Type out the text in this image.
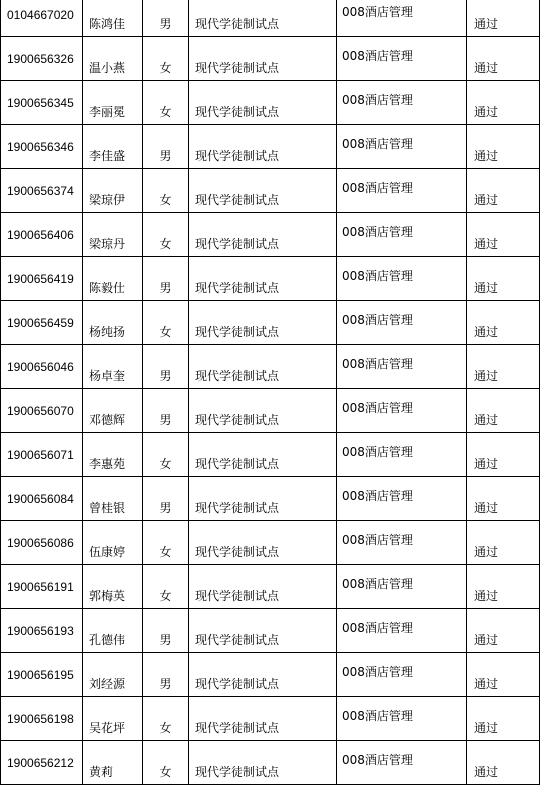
0104667020	陈鸿佳	男	现代学徒制试点	008酒店管理	通过
1900656326	温小燕	女	现代学徒制试点	008酒店管理	通过
1900656345	李丽冕	女	现代学徒制试点	008酒店管理	通过
1900656346	李佳盛	男	现代学徒制试点	008酒店管理	通过
1900656374	梁琼伊	女	现代学徒制试点	008酒店管理	通过
1900656406	梁琼丹	女	现代学徒制试点	008酒店管理	通过
1900656419	陈毅仕	男	现代学徒制试点	008酒店管理	通过
1900656459	杨纯扬	女	现代学徒制试点	008酒店管理	通过
1900656046	杨卓奎	男	现代学徒制试点	008酒店管理	通过
1900656070	邓德辉	男	现代学徒制试点	008酒店管理	通过
1900656071	李惠苑	女	现代学徒制试点	008酒店管理	通过
1900656084	曾桂银	男	现代学徒制试点	008酒店管理	通过
1900656086	伍康婷	女	现代学徒制试点	008酒店管理	通过
1900656191	郭梅英	女	现代学徒制试点	008酒店管理	通过
1900656193	孔德伟	男	现代学徒制试点	008酒店管理	通过
1900656195	刘经源	男	现代学徒制试点	008酒店管理	通过
1900656198	吴花坪	女	现代学徒制试点	008酒店管理	通过
1900656212	黄莉	女	现代学徒制试点	008酒店管理	通过
